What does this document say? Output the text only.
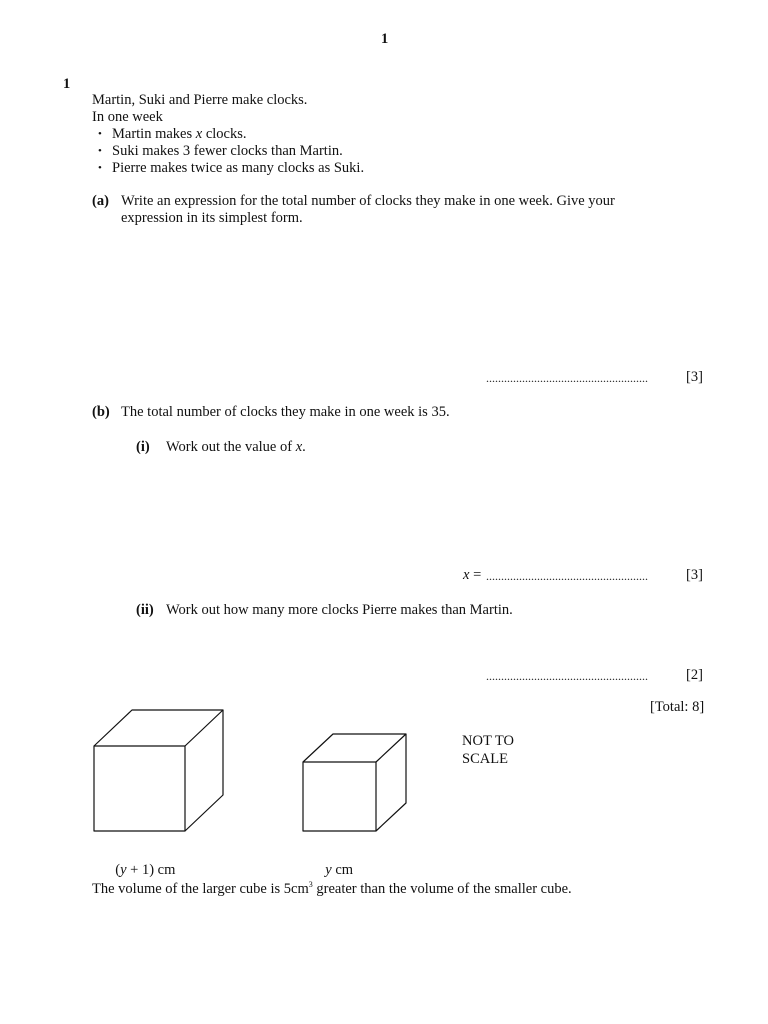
1
1
Martin, Suki and Pierre make clocks.
In one week
• Martin makes x clocks.
• Suki makes 3 fewer clocks than Martin.
• Pierre makes twice as many clocks as Suki.
(a) Write an expression for the total number of clocks they make in one week. Give your
expression in its simplest form.
......................................................	[3]
(b) The total number of clocks they make in one week is 35.
(i) Work out the value of x.
x = ......................................................	[3]
(ii) Work out how many more clocks Pierre makes than Martin.
......................................................	[2]
[Total: 8]
NOT TO
SCALE

(y + 1) cm	y cm

The volume of the larger cube is $5cm^3$ greater than the volume of the smaller cube.
